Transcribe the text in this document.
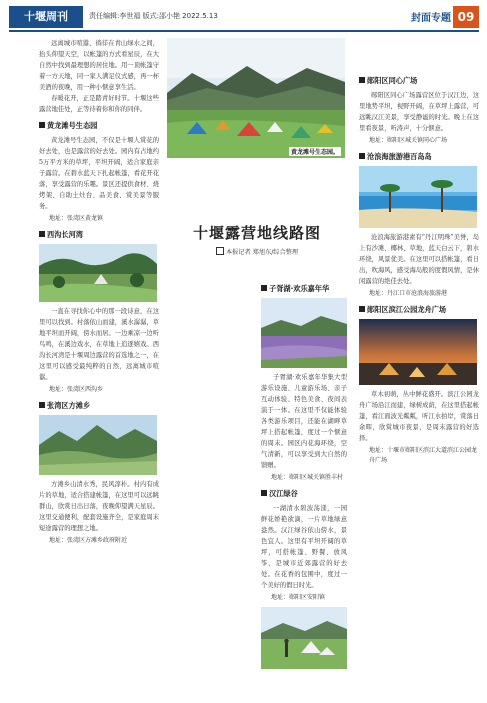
十堰周刊	责任编辑:李世福 版式:邵小艳 2022.5.13	封面专题 09

远离城市喧嚣，徜徉在青山绿水之间，抬头仰望天空，以帐篷的方式看星辰，在大自然中找到最理想的居住地。用一顶帐篷守着一方天地，同一家人满足仪式感，再一杯美酒的夜晚，用一种小惬意享生活。

春暖花开，正是踏青好时节。十堰这些露营地佳处，正等待着你和你的同伴。

黄龙滩号生态园

黄龙滩号生态园，不仅是十堰人赏花的好去处，也是露营的好去处。园内有占地约5万平方米的草坪，平坦开阔，适合家庭亲子露营。在碧水蓝天下扎起帐篷，看花开花落，享受露营的乐趣。景区还提供食材、烧烤架、自助土灶台、品美食、赏美景等服务。

地址：张湾区黄龙镇

西沟长河湾

一直在寻找你心中的那一段诗意，在这里可以找到。村落依山而建，溪水潺潺，草地平坦而开阔，傍水而居。一边乘凉一边听鸟鸣，在溪边戏水，在草地上追逐嬉戏。西沟长河湾是十堰周边露营的首选地之一，在这里可以感受最纯粹的自然，远离城市喧嚣。

地址：张湾区西沟乡

张湾区方滩乡

方滩乡山清水秀，民风淳朴。村内有成片的草地，适合搭建帐篷，在这里可以远眺群山，欣赏日出日落，夜晚仰望满天星辰。这里交通便利，配套设施齐全，是家庭周末短途露营的理想之地。

地址：张湾区方滩乡政府附近

黄龙滩号生态园。
十堰露营地线路图
本报记者 郑旭东/综合整理
子胥湖·欢乐嘉年华

子胥湖·欢乐嘉年华集大型游乐设施、儿童游乐场、亲子互动体验、特色美食、夜间表演于一体。在这里不仅能体验各类游乐项目，还能在湖畔草坪上搭起帐篷，度过一个惬意的周末。园区内花海环绕，空气清新，可以享受到大自然的馈赠。

地址：郧阳区城关镇胜丰村

汉江绿谷

一湖清水碧波荡漾，一园鲜花娇艳欲滴，一片草地绿意盎然。汉江绿谷依山傍水，景色宜人。这里有平坦开阔的草坪，可搭帐篷、野餐、放风筝，是城市近郊露营的好去处。在花香的包围中，度过一个美好的假日时光。

地址：郧阳区安阳镇

郧阳区同心广场

郧阳区同心广场露营区位于汉江边，这里地势平坦，视野开阔，在草坪上露营，可远眺汉江美景，享受静谧的时光。晚上在这里看夜景，听涛声，十分惬意。

地址：郧阳区城关镇同心广场

沧浪海旅游港百岛岛

沧浪海旅游港素有“丹江明珠”美誉，岛上有沙滩、椰林、草地，蓝天白云下，碧水环绕，风景优美。在这里可以搭帐篷，看日出，吹海风，感受海岛般的度假风情，是休闲露营的绝佳去处。

地址：丹江口市沧浪海旅游港

郧阳区滨江公园龙舟广场

草木初萌，丛中鲜花盛开。滨江公园龙舟广场沿江而建，绿树成荫，在这里搭起帐篷，看江面波光粼粼，听江水拍岸，赏落日余晖，欣赏城市夜景，是周末露营的好选择。

地址：十堰市郧阳区滨江大道滨江公园龙舟广场
